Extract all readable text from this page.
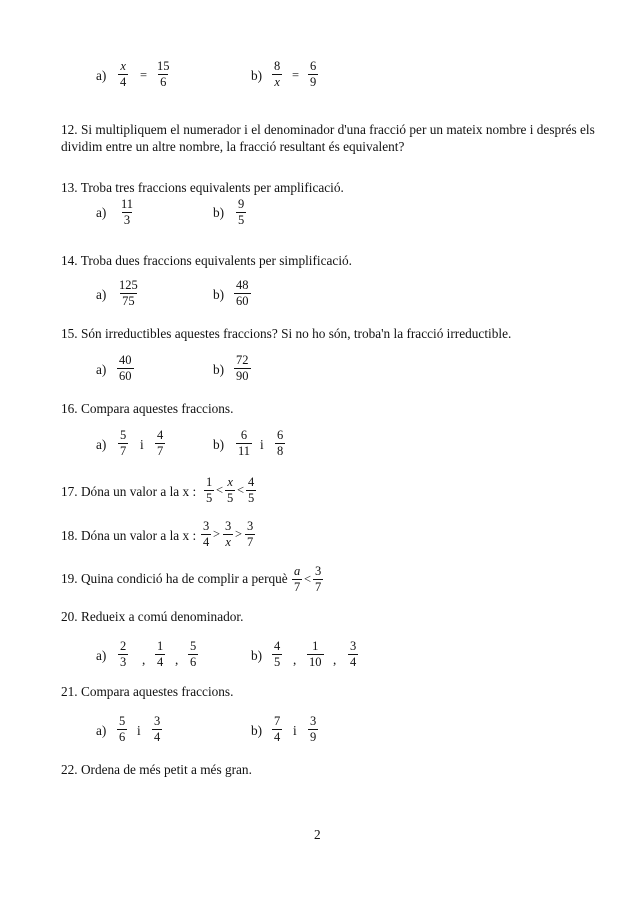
$a) \frac{x}{4} = \frac{15}{6}$	$b) \frac{8}{x} = \frac{6}{9}$
12. Si multipliquem el numerador i el denominador d'una fracció per un mateix nombre i després els dividim entre un altre nombre, la fracció resultant és equivalent?
13. Troba tres fraccions equivalents per amplificació.
$a) \frac{11}{3}$	$b) \frac{9}{5}$
14. Troba dues fraccions equivalents per simplificació.
$a) \frac{125}{75}$	$b) \frac{48}{60}$
15. Són irreductibles aquestes fraccions? Si no ho són, troba'n la fracció irreductible.
$a) \frac{40}{60}$	$b) \frac{72}{90}$
16. Compara aquestes fraccions.
$a) \frac{5}{7}$ i $\frac{4}{7}$	$b) \frac{6}{11}$ i $\frac{6}{8}$
17. Dóna un valor a la x : $\frac{1}{5} < \frac{x}{5} < \frac{4}{5}$
18. Dóna un valor a la x : $\frac{3}{4} > \frac{3}{x} > \frac{3}{7}$
19. Quina condició ha de complir a perquè $\frac{a}{7} < \frac{3}{7}$
20. Redueix a comú denominador.
$a) \frac{2}{3}$ , $\frac{1}{4}$ , $\frac{5}{6}$	$b) \frac{4}{5}$ , $\frac{1}{10}$ , $\frac{3}{4}$
21. Compara aquestes fraccions.
$a) \frac{5}{6}$ i $\frac{3}{4}$	$b) \frac{7}{4}$ i $\frac{3}{9}$
22. Ordena de més petit a més gran.
2
